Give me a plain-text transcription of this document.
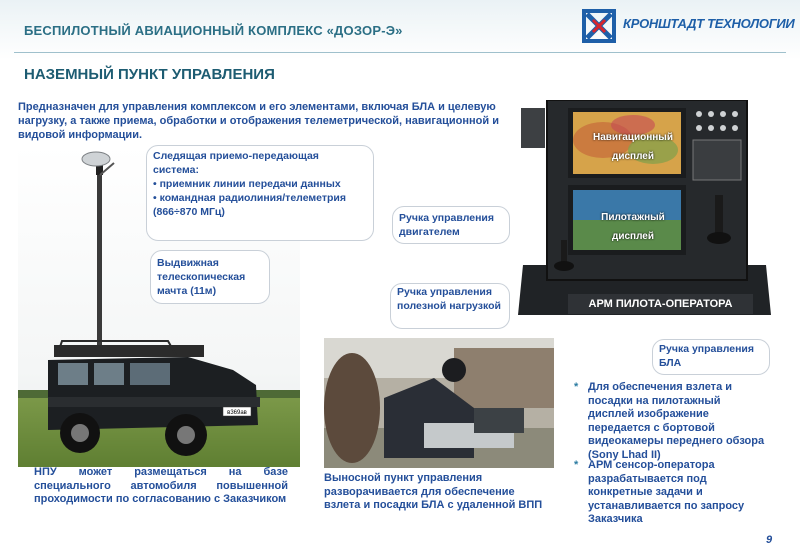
БЕСПИЛОТНЫЙ АВИАЦИОННЫЙ КОМПЛЕКС «ДОЗОР-Э»	КРОНШТАДТ ТЕХНОЛОГИИ
НАЗЕМНЫЙ ПУНКТ УПРАВЛЕНИЯ
Предназначен для управления комплексом и его элементами, включая БЛА и целевую нагрузку, а также приема, обработки и отображения телеметрической, навигационной и видовой информации.
в369ав
Следящая приемо-передающая система:
• приемник линии передачи данных
• командная радиолиния/телеметрия (866÷870 МГц)
Выдвижная телескопическая мачта (11м)
Ручка управления двигателем
Ручка управления полезной нагрузкой
Ручка управления БЛА
Навигационный дисплей
Пилотажный дисплей
АРМ ПИЛОТА-ОПЕРАТОРА
НПУ может размещаться на базе специального автомобиля повышенной проходимости по согласованию с Заказчиком
Выносной пункт управления разворачивается для обеспечение взлета и посадки БЛА с удаленной ВПП
* Для обеспечения взлета и посадки на пилотажный дисплей изображение передается с бортовой видеокамеры переднего обзора (Sony Lhad II)
* АРМ сенсор-оператора разрабатывается под конкретные задачи и устанавливается по запросу Заказчика
9
